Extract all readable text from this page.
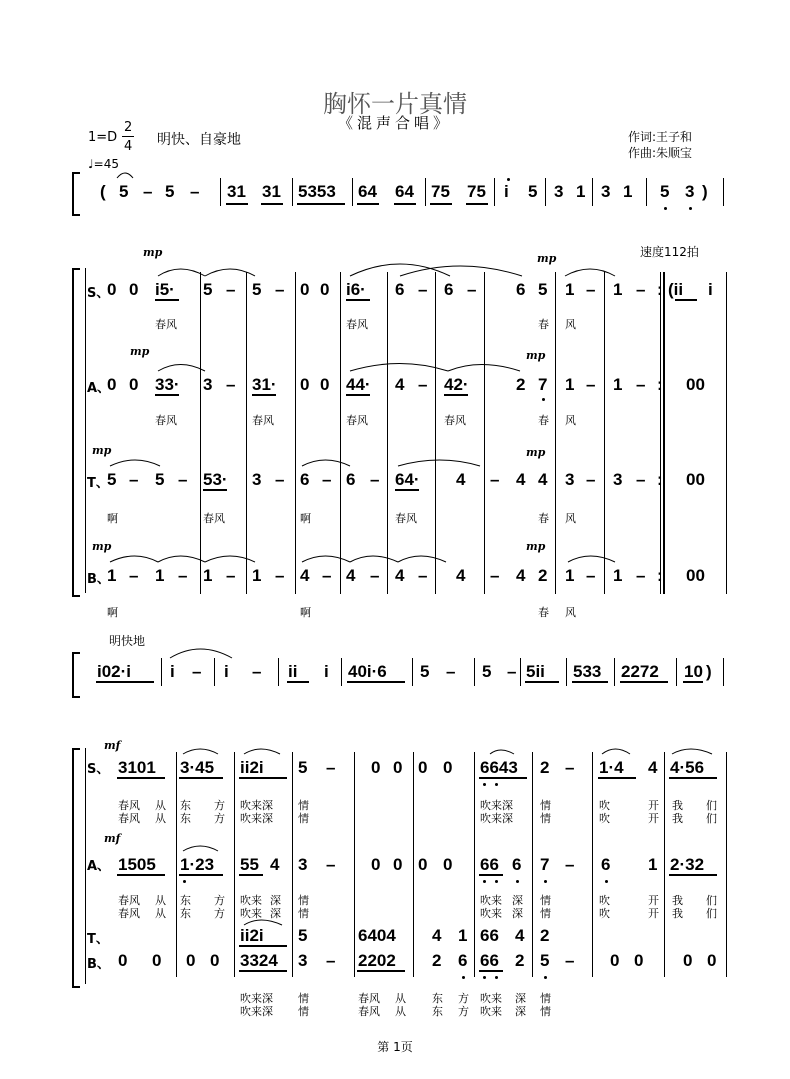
胸怀一片真情
《混声合唱》
1=D
2
4 明快、自豪地
♩=45
作词:王子和
作曲:朱顺宝
( 5 – 5 – 31 31 5353 64 64 75 75 i 5 3 1 3 1 5 3 )
速度112拍
S、
mp	mp
0 0 i5· 5 – 5 – 0 0 i6· 6 – 6 – 6 5 1 – 1 – : (ii i
春风	春风	春 风
A、
mp	mp
0 0 33· 3 – 31· 0 0 44· 4 – 42·	2 7 1 – 1 – : 00
春风	春风	春风	春风	春 风
T、
mp	mp
5 – 5 – 53· 3 – 6 – 6 – 64· 4 – 4 4 3 – 3 – : 00
啊	春风	啊	春风	春 风
B、
mp	mp
1 – 1 – 1 – 1 – 4 – 4 – 4 – 4 – 4 2 1 – 1 – : 00
啊	啊	春 风
明快地
i02·i i – i – ii i 40i·6 5 – 5 – 5ii 533 2272 10 )
S、
mf
3101 3·45 ii2i 5 – 0 0 0 0 6643 2 – 1·4 4 4·56
春风 从 东 方 吹来深 情	吹来深 情	吹	开 我 们
春风 从 东 方 吹来深 情	吹来深 情	吹	开 我 们
A、
mf
1505 1·23 55 4 3 – 0 0 0 0 66 6 7 – 6 1 2·32
春风 从 东 方 吹来 深 情	吹来 深 情	吹	开 我 们
春风 从 东 方 吹来 深 情	吹来 深 情	吹	开 我 们
T、	ii2i 5	6404 4 1 66 4 2
B、 0 0 0 0 3324 3 – 2202 2 6 66 2 5 – 0 0 0 0
吹来深 情	春风 从 东 方 吹来 深 情
吹来深 情	春风 从 东 方 吹来 深 情
第 1页
